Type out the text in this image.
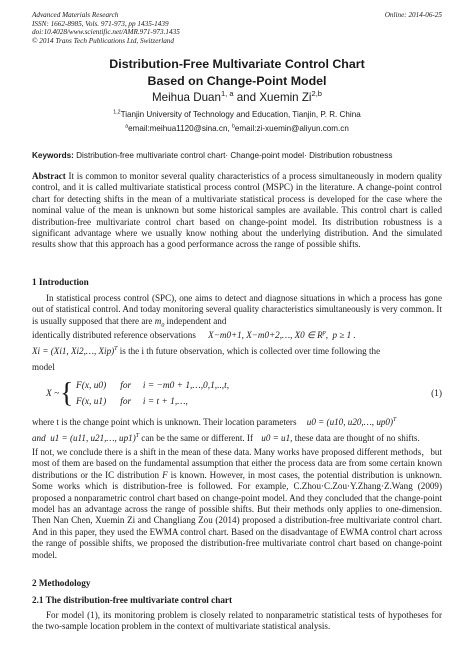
Advanced Materials Research
ISSN: 1662-8985, Vols. 971-973, pp 1435-1439
doi:10.4028/www.scientific.net/AMR.971-973.1435
© 2014 Trans Tech Publications Ltd, Switzerland
Online: 2014-06-25
Distribution-Free Multivariate Control Chart
Based on Change-Point Model
Meihua Duan$^{1, a}$ and Xuemin Zi$^{2,b}$
$^{1,2}$Tianjin University of Technology and Education, Tianjin, P. R. China
$^a$email:meihua1120@sina.cn, $^b$email:zi-xuemin@aliyun.com.cn
Keywords: Distribution-free multivariate control chart· Change-point model· Distribution robustness

Abstract It is common to monitor several quality characteristics of a process simultaneously in modern quality control, and it is called multivariate statistical process control (MSPC) in the literature. A change-point control chart for detecting shifts in the mean of a multivariate statistical process is developed for the case where the nominal value of the mean is unknown but some historical samples are available. This control chart is called distribution-free multivariate control chart based on change-point model. Its distribution robustness is a significant advantage where we usually know nothing about the underlying distribution. And the simulated results show that this approach has a good performance across the range of possible shifts.

1 Introduction

In statistical process control (SPC), one aims to detect and diagnose situations in which a process has gone out of statistical control. And today monitoring several quality characteristics simultaneously is very common. It is usually supposed that there are $m_0$ independent and

identically distributed reference observations X−m0+1, X−m0+2,…, X0 ∈ $R^p$,  p ≥ 1 .
Xi = (Xi1, Xi2,…, Xip)$^T$ is the i th future observation, which is collected over time following the
model
X ~ { F(x, u0)      for     i = −m0 + 1,…,0,1,..,t,
F(x, u1)      for     i = t + 1,…,
(1)
where t is the change point which is unknown. Their location parameters u0 = (u10, u20,…, up0)$^T$
and  u1 = (u11, u21,…, up1)$^T$ can be the same or different. If u0 = u1, these data are thought of no shifts.

If not, we conclude there is a shift in the mean of these data. Many works have proposed different methods，but most of them are based on the fundamental assumption that either the process data are from some certain known distributions or the IC distribution F is known. However, in most cases, the potential distribution is unknown. Some works which is distribution-free is followed. For example, C.Zhou·C.Zou·Y.Zhang·Z.Wang (2009) proposed a nonparametric control chart based on change-point model. And they concluded that the change-point model has an advantage across the range of possible shifts. But their methods only applies to one-dimension. Then Nan Chen, Xuemin Zi and Changliang Zou (2014) proposed a distribution-free multivariate control chart. And in this paper, they used the EWMA control chart. Based on the disadvantage of EWMA control chart across the range of possible shifts, we proposed the distribution-free multivariate control chart based on change-point model.

2 Methodology
2.1 The distribution-free multivariate control chart

For model (1), its monitoring problem is closely related to nonparametric statistical tests of hypotheses for the two-sample location problem in the context of multivariate statistical analysis.
